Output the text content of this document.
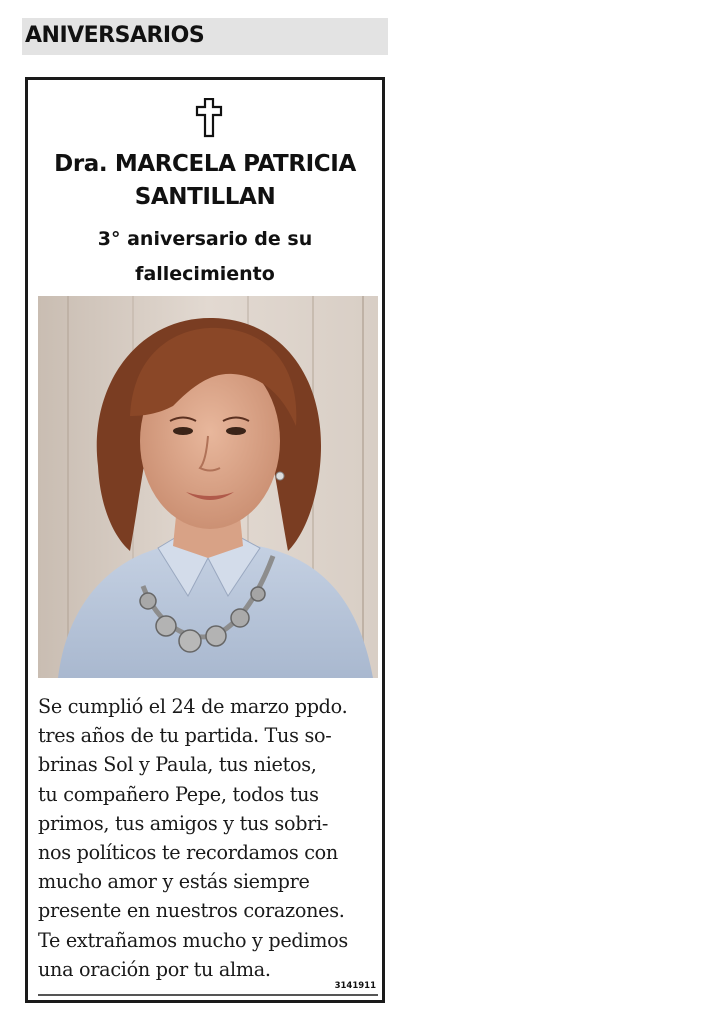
ANIVERSARIOS
Dra. MARCELA PATRICIA
SANTILLAN
3° aniversario de su
fallecimiento

Se cumplió el 24 de marzo ppdo.
tres años de tu partida. Tus so-
brinas Sol y Paula, tus nietos,
tu compañero Pepe, todos tus
primos, tus amigos y tus sobri-
nos políticos te recordamos con
mucho amor y estás siempre
presente en nuestros corazones.
Te extrañamos mucho y pedimos
una oración por tu alma.

3141911
